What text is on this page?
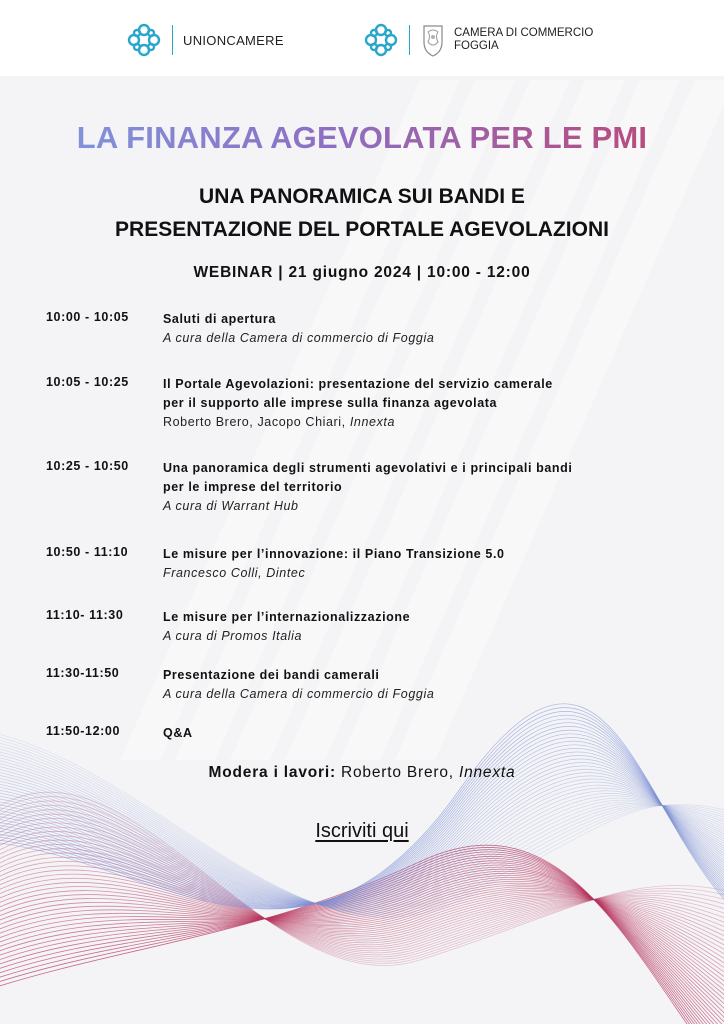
UNIONCAMERE	CAMERA DI COMMERCIO
FOGGIA
LA FINANZA AGEVOLATA PER LE PMI
UNA PANORAMICA SUI BANDI E
PRESENTAZIONE DEL PORTALE AGEVOLAZIONI
WEBINAR | 21 giugno 2024 | 10:00 - 12:00
10:00 - 10:05	Saluti di apertura
A cura della Camera di commercio di Foggia
10:05 - 10:25	Il Portale Agevolazioni: presentazione del servizio camerale
per il supporto alle imprese sulla finanza agevolata
Roberto Brero, Jacopo Chiari, Innexta
10:25 - 10:50	Una panoramica degli strumenti agevolativi e i principali bandi
per le imprese del territorio
A cura di Warrant Hub
10:50 - 11:10	Le misure per l’innovazione: il Piano Transizione 5.0
Francesco Colli, Dintec
11:10- 11:30	Le misure per l’internazionalizzazione
A cura di Promos Italia
11:30-11:50	Presentazione dei bandi camerali
A cura della Camera di commercio di Foggia
11:50-12:00	Q&A
Modera i lavori: Roberto Brero, Innexta
Iscriviti qui
